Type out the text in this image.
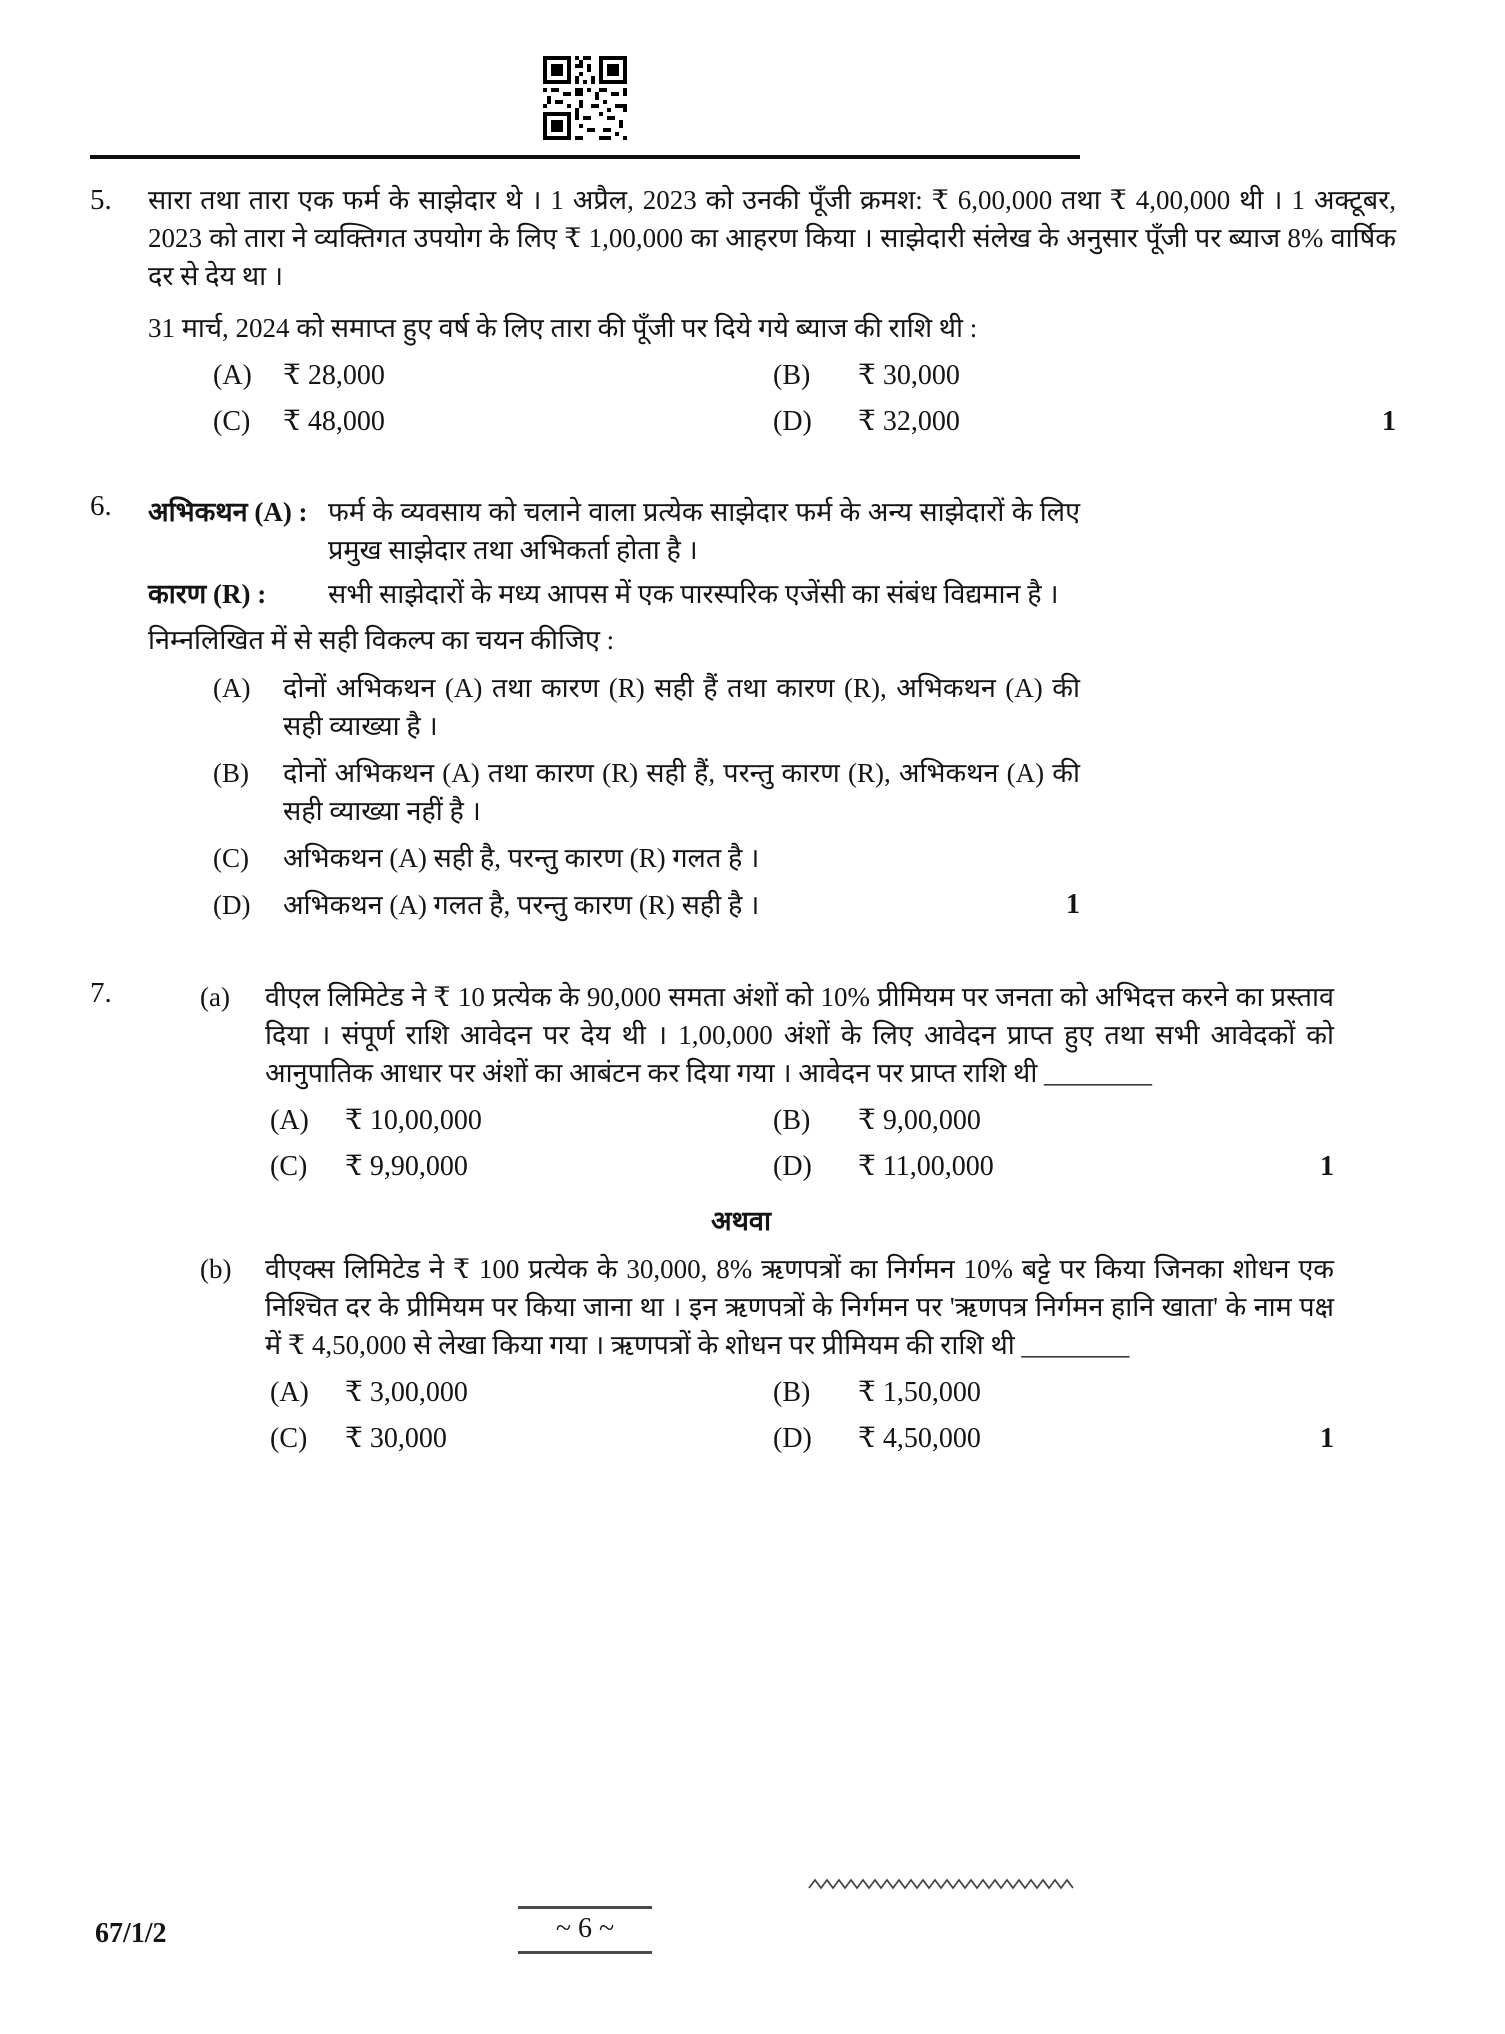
5.	सारा तथा तारा एक फर्म के साझेदार थे । 1 अप्रैल, 2023 को उनकी पूँजी क्रमश: ₹ 6,00,000 तथा ₹ 4,00,000 थी । 1 अक्टूबर, 2023 को तारा ने व्यक्तिगत उपयोग के लिए ₹ 1,00,000 का आहरण किया । साझेदारी संलेख के अनुसार पूँजी पर ब्याज 8% वार्षिक दर से देय था ।

31 मार्च, 2024 को समाप्त हुए वर्ष के लिए तारा की पूँजी पर दिये गये ब्याज की राशि थी :

(A)	₹ 28,000	(B)	₹ 30,000
(C)	₹ 48,000	(D)	₹ 32,000	1
6.	अभिकथन (A) : फर्म के व्यवसाय को चलाने वाला प्रत्येक साझेदार फर्म के अन्य साझेदारों के लिए प्रमुख साझेदार तथा अभिकर्ता होता है ।

कारण (R) :	सभी साझेदारों के मध्य आपस में एक पारस्परिक एजेंसी का संबंध विद्यमान है ।

निम्नलिखित में से सही विकल्प का चयन कीजिए :

(A)	दोनों अभिकथन (A) तथा कारण (R) सही हैं तथा कारण (R), अभिकथन (A) की सही व्याख्या है ।

(B)	दोनों अभिकथन (A) तथा कारण (R) सही हैं, परन्तु कारण (R), अभिकथन (A) की सही व्याख्या नहीं है ।

(C)	अभिकथन (A) सही है, परन्तु कारण (R) गलत है ।

(D)	अभिकथन (A) गलत है, परन्तु कारण (R) सही है ।	1
7.	(a)	वीएल लिमिटेड ने ₹ 10 प्रत्येक के 90,000 समता अंशों को 10% प्रीमियम पर जनता को अभिदत्त करने का प्रस्ताव दिया । संपूर्ण राशि आवेदन पर देय थी । 1,00,000 अंशों के लिए आवेदन प्राप्त हुए तथा सभी आवेदकों को आनुपातिक आधार पर अंशों का आबंटन कर दिया गया । आवेदन पर प्राप्त राशि थी ________

(A)	₹ 10,00,000	(B)	₹ 9,00,000
(C)	₹ 9,90,000	(D)	₹ 11,00,000	1

अथवा

(b)	वीएक्स लिमिटेड ने ₹ 100 प्रत्येक के 30,000, 8% ऋणपत्रों का निर्गमन 10% बट्टे पर किया जिनका शोधन एक निश्चित दर के प्रीमियम पर किया जाना था । इन ऋणपत्रों के निर्गमन पर 'ऋणपत्र निर्गमन हानि खाता' के नाम पक्ष में ₹ 4,50,000 से लेखा किया गया । ऋणपत्रों के शोधन पर प्रीमियम की राशि थी ________

(A)	₹ 3,00,000	(B)	₹ 1,50,000
(C)	₹ 30,000	(D)	₹ 4,50,000	1
67/1/2	~ 6 ~
